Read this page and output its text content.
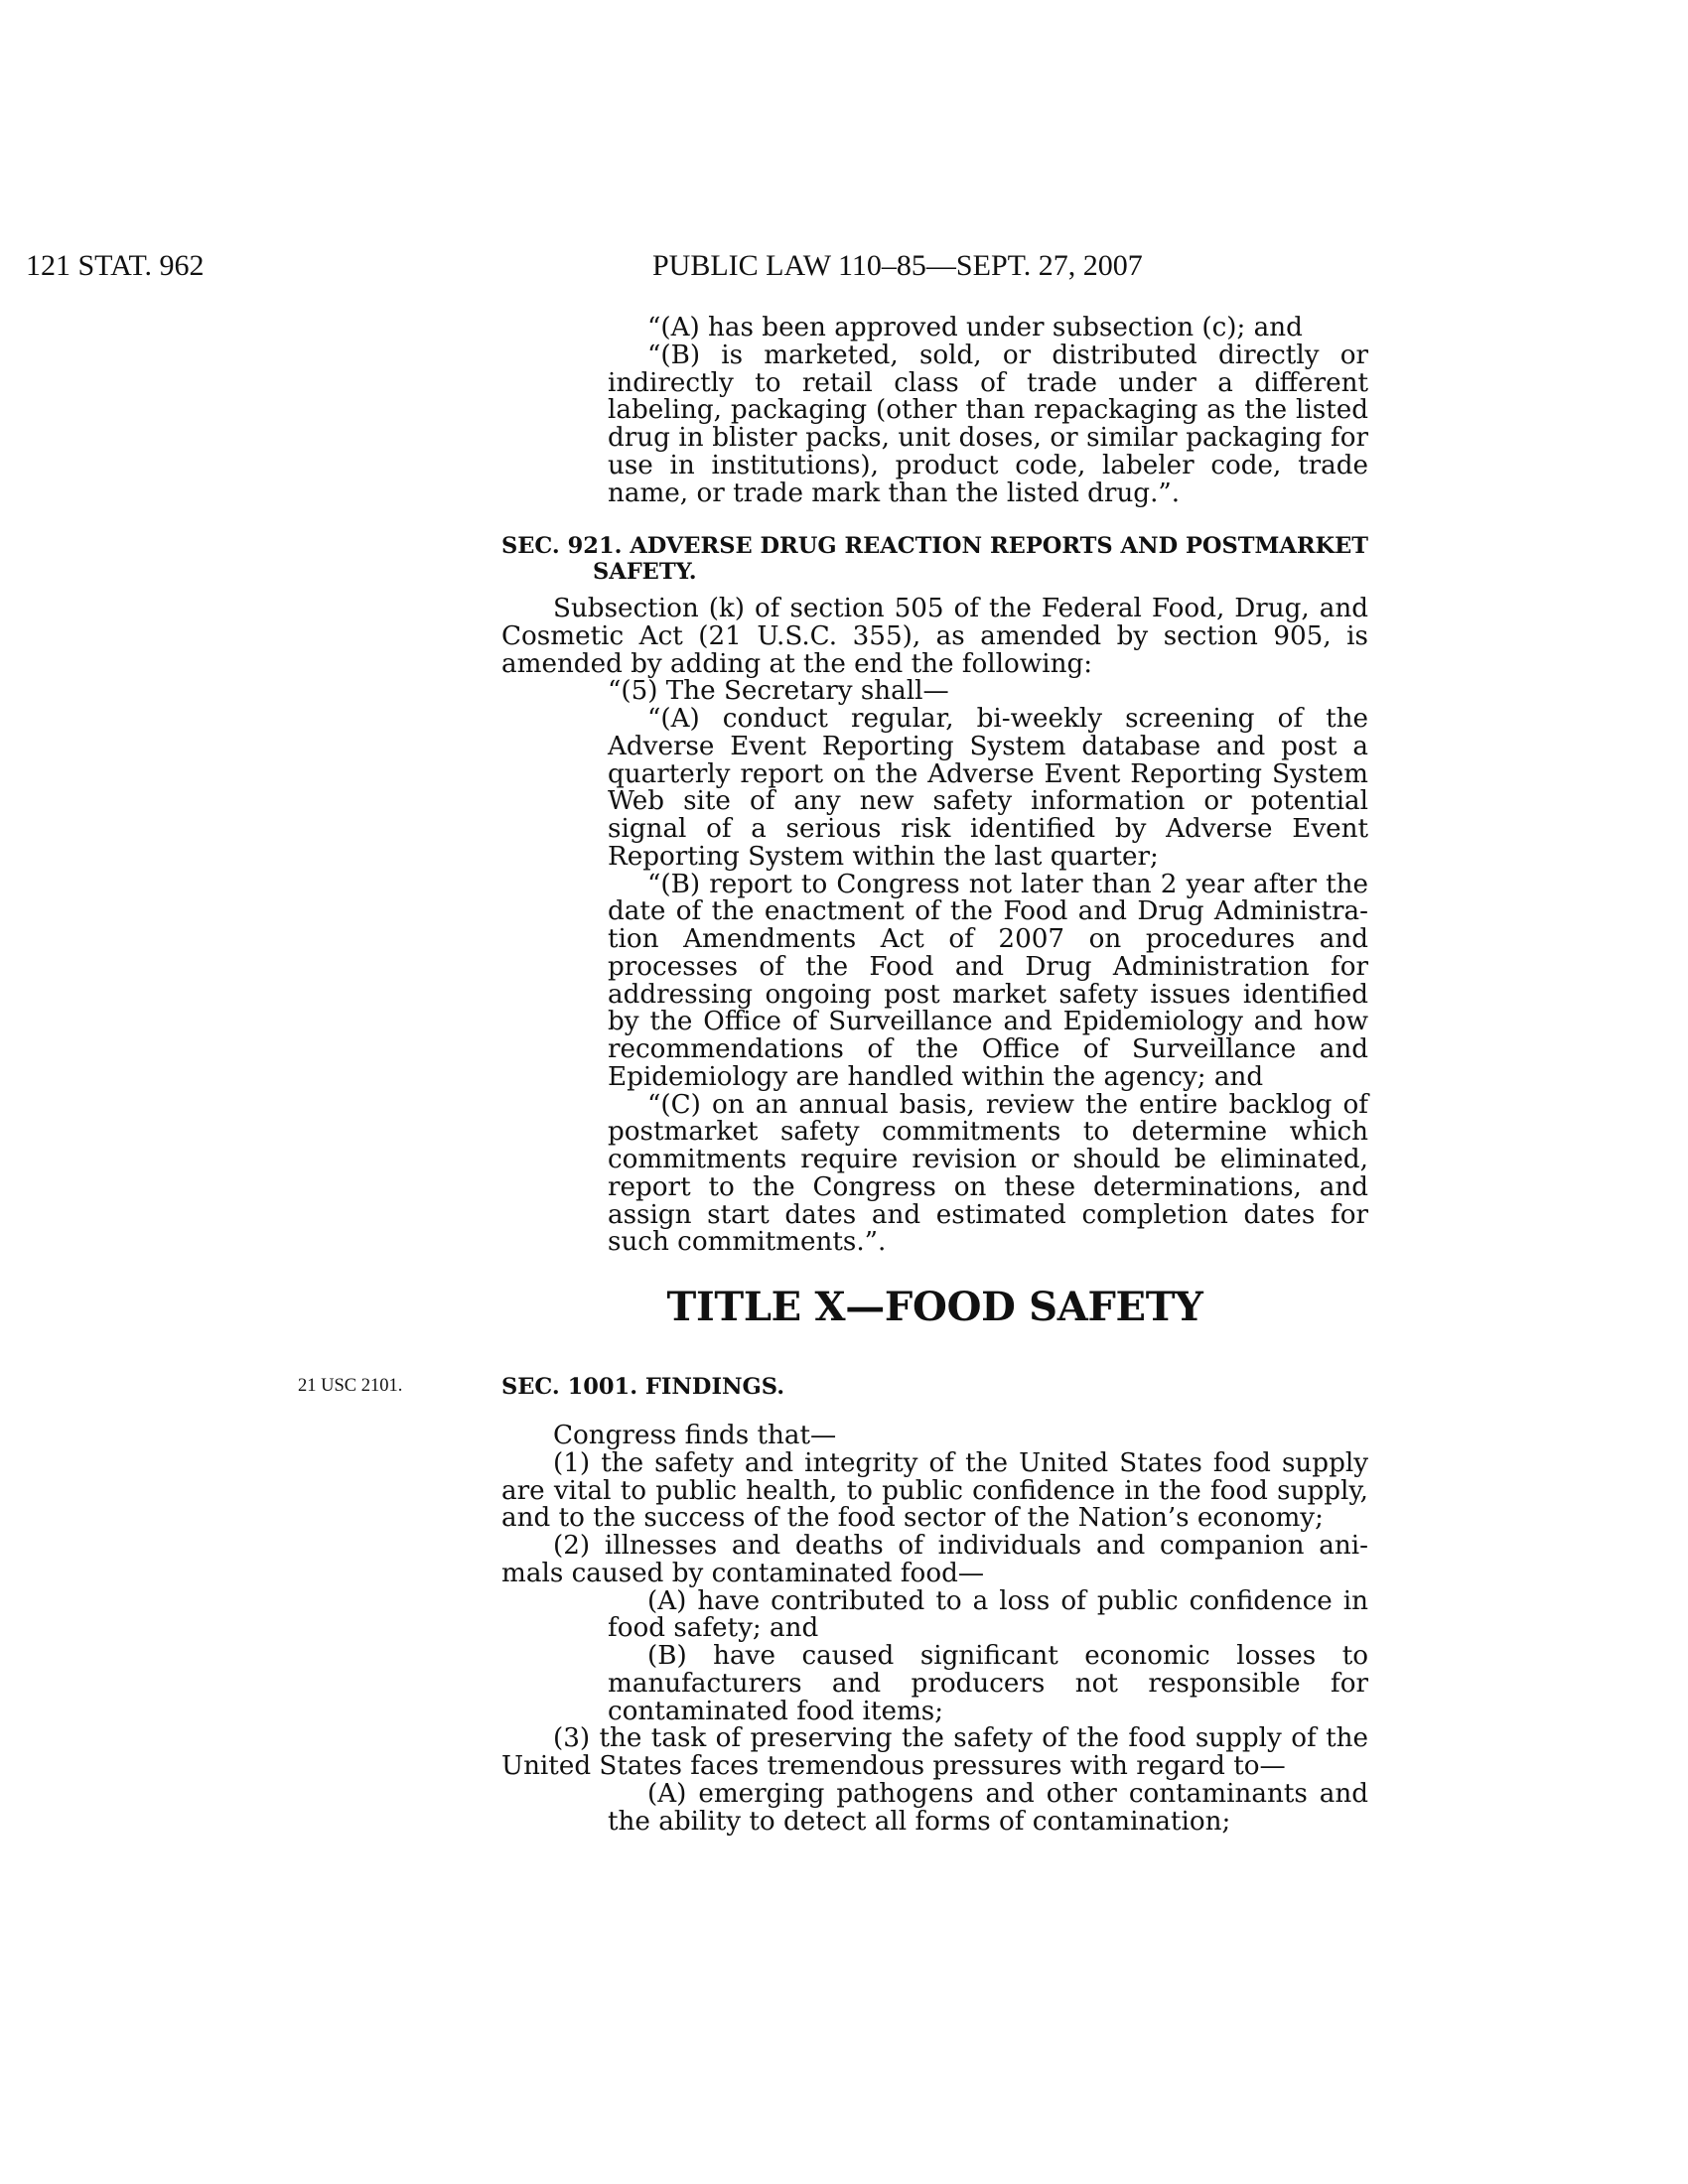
121 STAT. 962	PUBLIC LAW 110–85—SEPT. 27, 2007

“(A) has been approved under subsection (c); and

“(B) is marketed, sold, or distributed directly or indirectly to retail class of trade under a different labeling, packaging (other than repackaging as the listed drug in blister packs, unit doses, or similar packaging for use in institutions), product code, labeler code, trade name, or trade mark than the listed drug.”.

SEC. 921. ADVERSE DRUG REACTION REPORTS AND POSTMARKET SAFETY.

Subsection (k) of section 505 of the Federal Food, Drug, and Cosmetic Act (21 U.S.C. 355), as amended by section 905, is amended by adding at the end the following:

“(5) The Secretary shall—

“(A) conduct regular, bi-weekly screening of the Adverse Event Reporting System database and post a quarterly report on the Adverse Event Reporting System Web site of any new safety information or potential signal of a serious risk identified by Adverse Event Reporting System within the last quarter;

“(B) report to Congress not later than 2 year after the date of the enactment of the Food and Drug Administration Amendments Act of 2007 on procedures and processes of the Food and Drug Administration for addressing ongoing post market safety issues identified by the Office of Surveillance and Epidemiology and how recommendations of the Office of Surveillance and Epidemiology are handled within the agency; and

“(C) on an annual basis, review the entire backlog of postmarket safety commitments to determine which commitments require revision or should be eliminated, report to the Congress on these determinations, and assign start dates and estimated completion dates for such commitments.”.

TITLE X—FOOD SAFETY
21 USC 2101.	SEC. 1001. FINDINGS.

Congress finds that—

(1) the safety and integrity of the United States food supply are vital to public health, to public confidence in the food supply, and to the success of the food sector of the Nation’s economy;

(2) illnesses and deaths of individuals and companion animals caused by contaminated food—

(A) have contributed to a loss of public confidence in food safety; and

(B) have caused significant economic losses to manufacturers and producers not responsible for contaminated food items;

(3) the task of preserving the safety of the food supply of the United States faces tremendous pressures with regard to—

(A) emerging pathogens and other contaminants and the ability to detect all forms of contamination;
